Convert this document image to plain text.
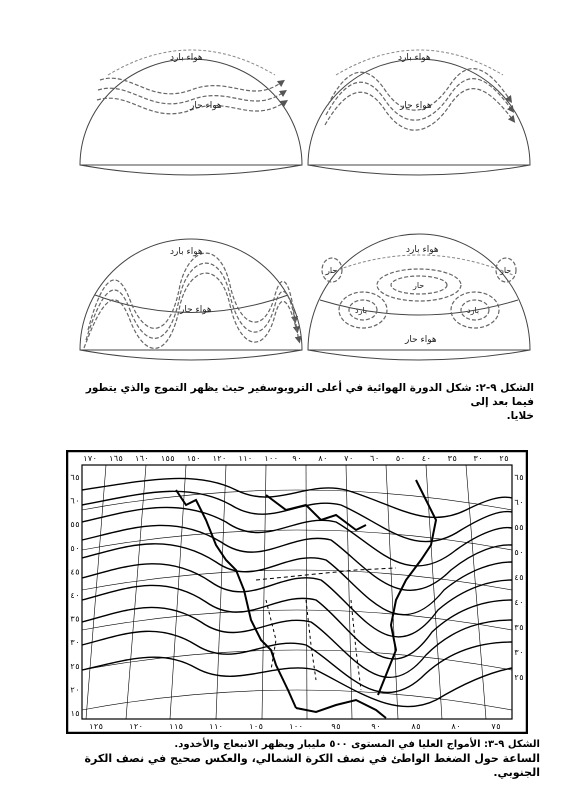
هواء بارد
هواء حار
هواء بارد
هواء حار
هواء بارد
هواء حار
هواء بارد
حار
حار	حار
بارد	بارد
هواء حار
الشكل ٩-٢: شكل الدورة الهوائية في أعلى التروبوسفير حيث يظهر التموج والذي يتطور فيما بعد إلى
خلايا.
١٧٠ ١٦٥ ١٦٠ ١٥٥ ١٥٠ ١٢٠ ١١٠ ١٠٠ ٩٠ ٨٠ ٧٠ ٦٠ ٥٠ ٤٠ ٣٥ ٣٠ ٢٥
١٢٥	١٢٠	١١٥	١١٠	١٠٥	١٠٠	٩٥	٩٠	٨٥	٨٠	٧٥
٦٥
٦٠
٥٥
٥٠
٤٥
٤٠
٣٥
٣٠
٢٥
٢٠
١٥
٦٥
٦٠
٥٥
٥٠
٤٥
٤٠
٣٥
٣٠
٢٥
الشكل ٩-٣: الأمواج العليا في المستوى ٥٠٠ مليبار ويظهر الانبعاج والأخدود.
الساعة حول الضغط الواطئ في نصف الكرة الشمالي، والعكس صحيح في نصف الكرة الجنوبي.
